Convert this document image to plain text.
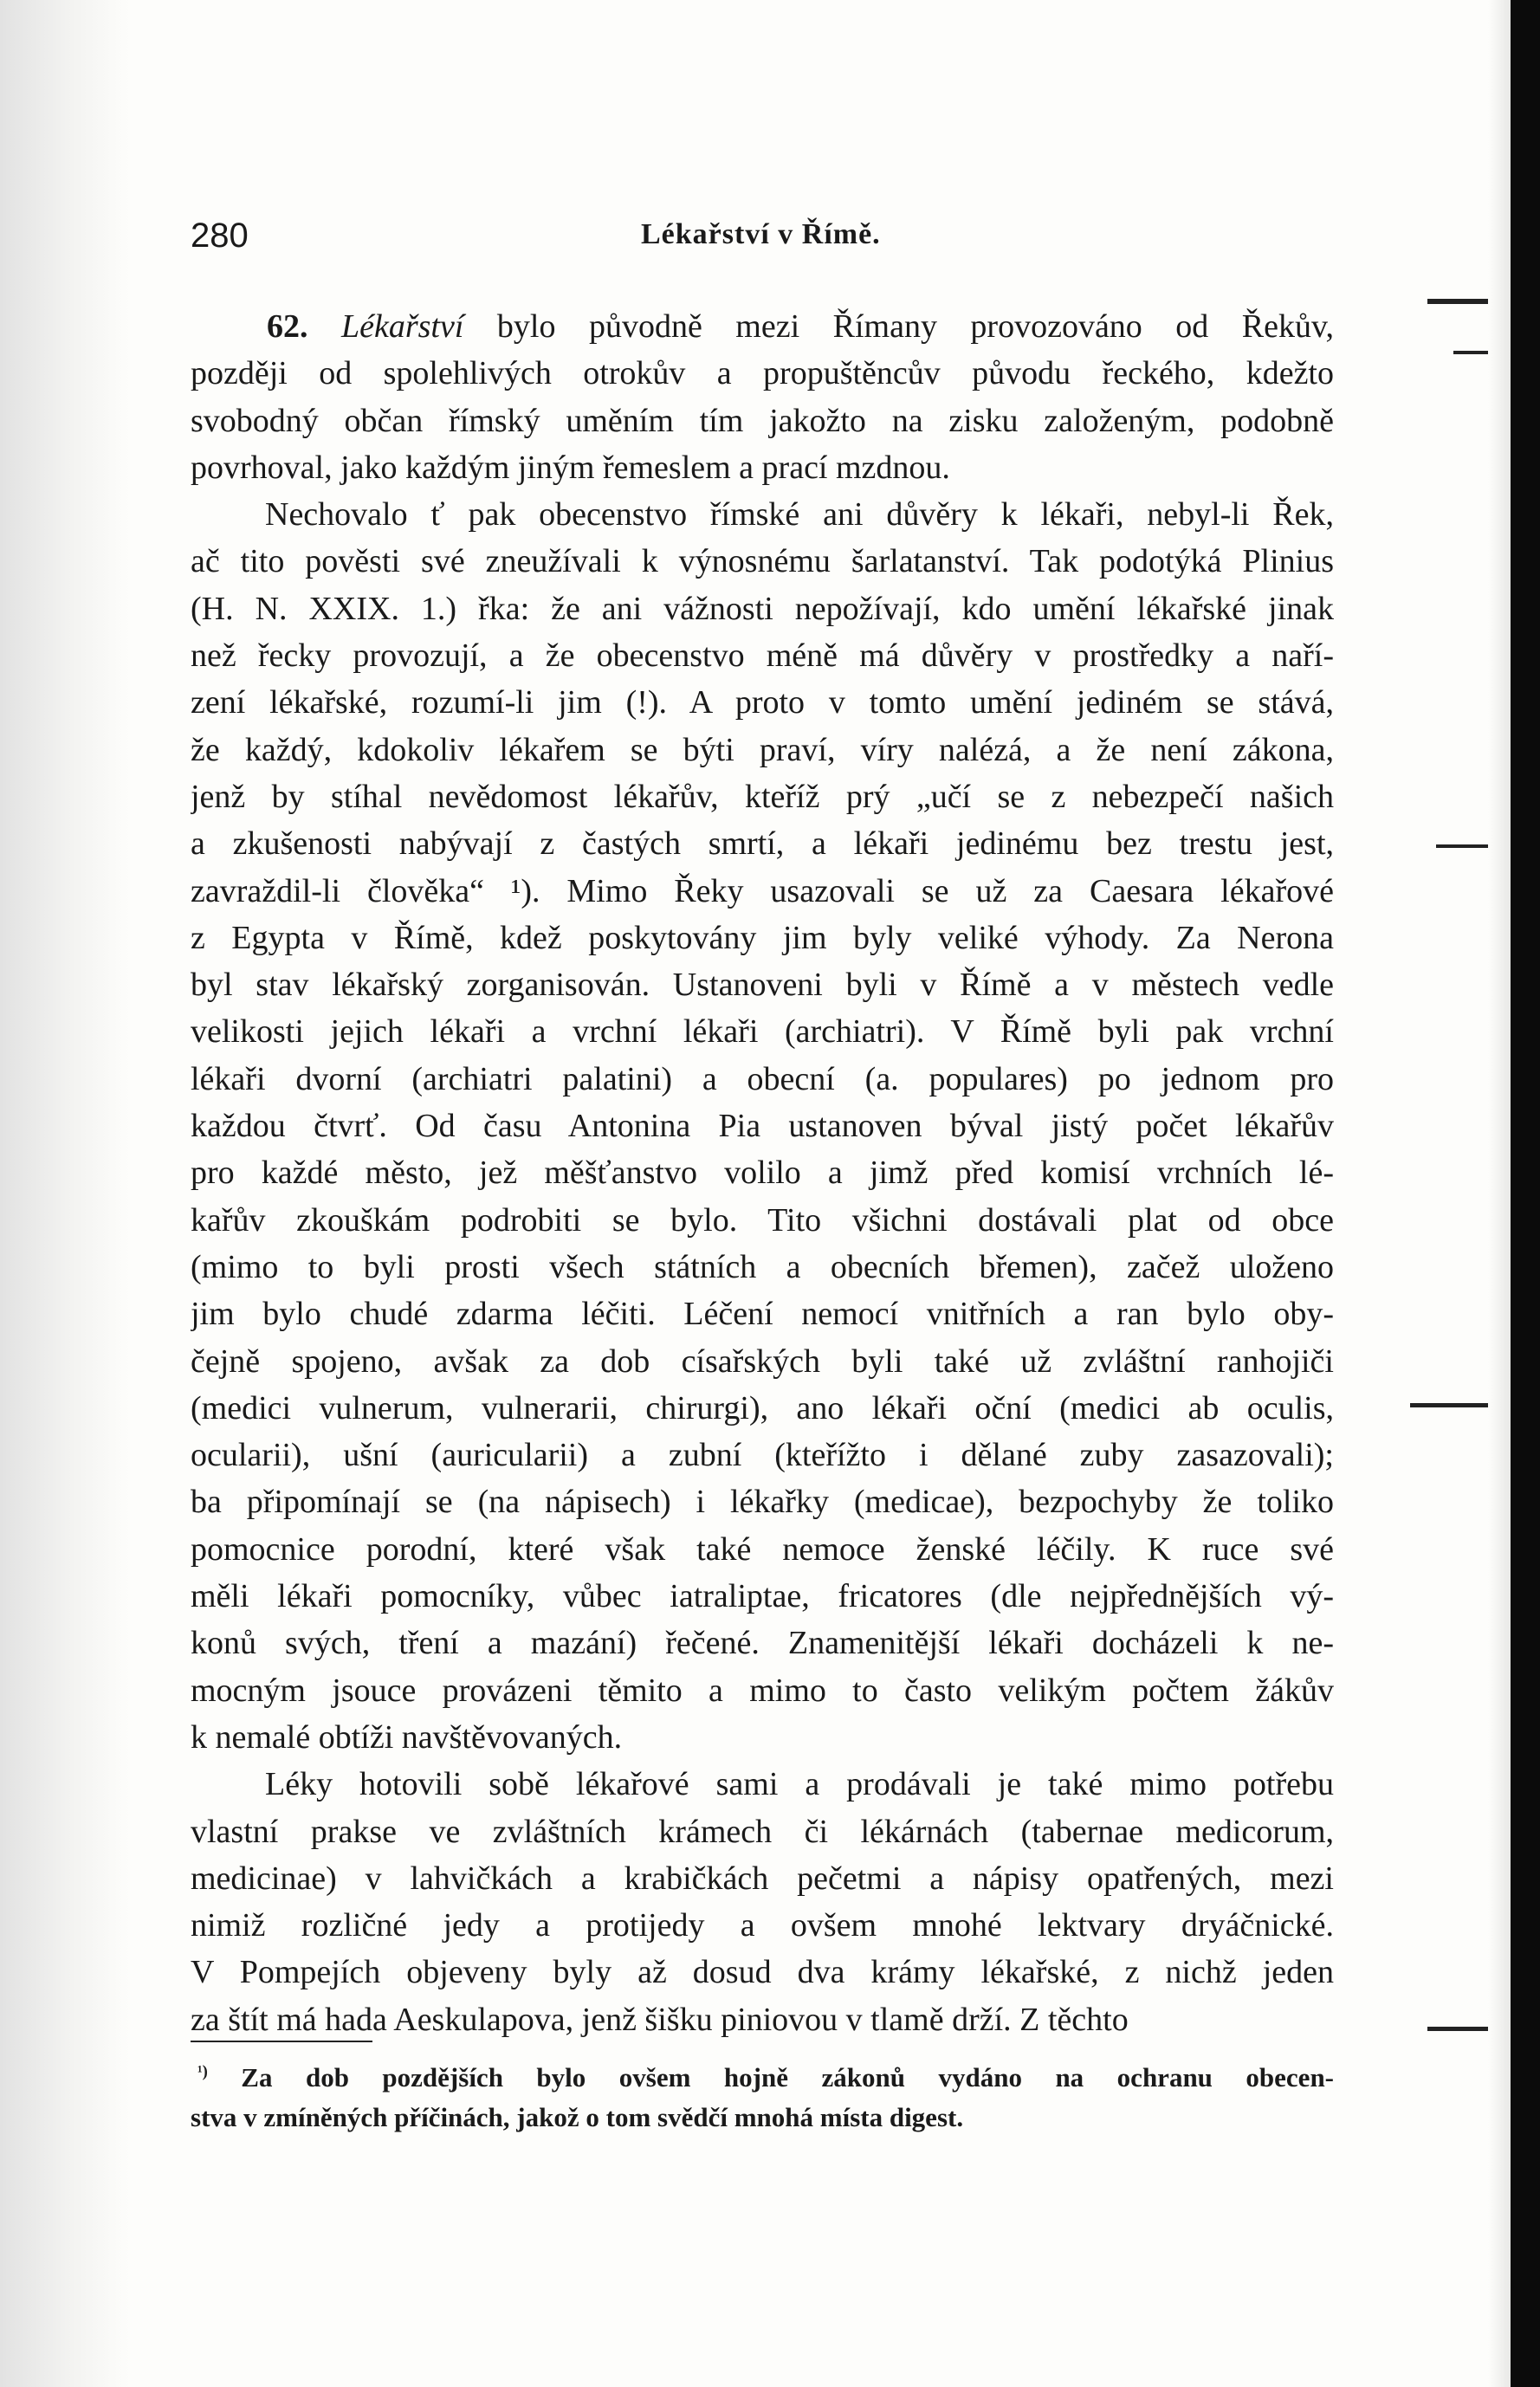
280	Lékařství v Římě.
62. Lékařství bylo původně mezi Římany provozováno od Řekův,
později od spolehlivých otrokův a propuštěncův původu řeckého, kdežto
svobodný občan římský uměním tím jakožto na zisku založeným, podobně
povrhoval, jako každým jiným řemeslem a prací mzdnou.
Nechovalo ť pak obecenstvo římské ani důvěry k lékaři, nebyl-li Řek,
ač tito pověsti své zneužívali k výnosnému šarlatanství. Tak podotýká Plinius
(H. N. XXIX. 1.) řka: že ani vážnosti nepožívají, kdo umění lékařské jinak
než řecky provozují, a že obecenstvo méně má důvěry v prostředky a naří-
zení lékařské, rozumí-li jim (!). A proto v tomto umění jediném se stává,
že každý, kdokoliv lékařem se býti praví, víry nalézá, a že není zákona,
jenž by stíhal nevědomost lékařův, kteříž prý „učí se z nebezpečí našich
a zkušenosti nabývají z častých smrtí, a lékaři jedinému bez trestu jest,
zavraždil-li člověka“ ¹). Mimo Řeky usazovali se už za Caesara lékařové
z Egypta v Římě, kdež poskytovány jim byly veliké výhody. Za Nerona
byl stav lékařský zorganisován. Ustanoveni byli v Římě a v městech vedle
velikosti jejich lékaři a vrchní lékaři (archiatri). V Římě byli pak vrchní
lékaři dvorní (archiatri palatini) a obecní (a. populares) po jednom pro
každou čtvrť. Od času Antonina Pia ustanoven býval jistý počet lékařův
pro každé město, jež měšťanstvo volilo a jimž před komisí vrchních lé-
kařův zkouškám podrobiti se bylo. Tito všichni dostávali plat od obce
(mimo to byli prosti všech státních a obecních břemen), začež uloženo
jim bylo chudé zdarma léčiti. Léčení nemocí vnitřních a ran bylo oby-
čejně spojeno, avšak za dob císařských byli také už zvláštní ranhojiči
(medici vulnerum, vulnerarii, chirurgi), ano lékaři oční (medici ab oculis,
ocularii), ušní (auricularii) a zubní (kteřížto i dělané zuby zasazovali);
ba připomínají se (na nápisech) i lékařky (medicae), bezpochyby že toliko
pomocnice porodní, které však také nemoce ženské léčily. K ruce své
měli lékaři pomocníky, vůbec iatraliptae, fricatores (dle nejpřednějších vý-
konů svých, tření a mazání) řečené. Znamenitější lékaři docházeli k ne-
mocným jsouce provázeni těmito a mimo to často velikým počtem žákův
k nemalé obtíži navštěvovaných.
Léky hotovili sobě lékařové sami a prodávali je také mimo potřebu
vlastní prakse ve zvláštních krámech či lékárnách (tabernae medicorum,
medicinae) v lahvičkách a krabičkách pečetmi a nápisy opatřených, mezi
nimiž rozličné jedy a protijedy a ovšem mnohé lektvary dryáčnické.
V Pompejích objeveny byly až dosud dva krámy lékařské, z nichž jeden
za štít má hada Aeskulapova, jenž šišku piniovou v tlamě drží. Z těchto
$^{^1)}$ Za dob pozdějších bylo ovšem hojně zákonů vydáno na ochranu obecen-
stva v zmíněných příčinách, jakož o tom svědčí mnohá místa digest.
